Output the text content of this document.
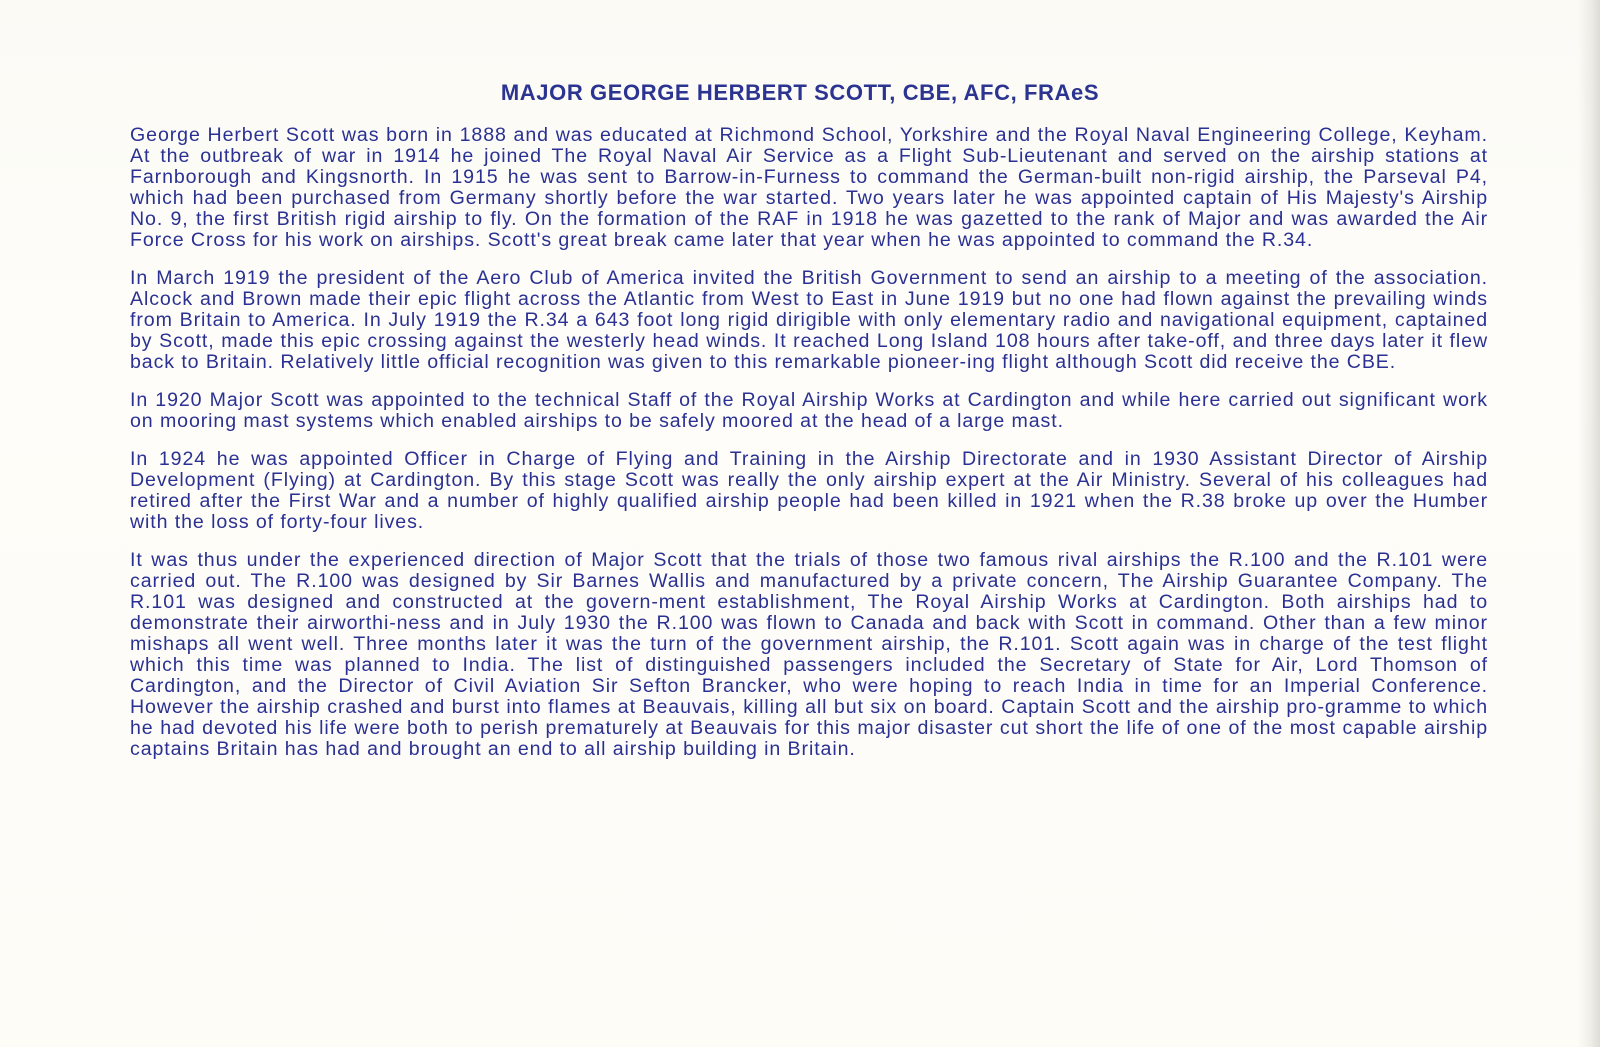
MAJOR GEORGE HERBERT SCOTT, CBE, AFC, FRAeS

George Herbert Scott was born in 1888 and was educated at Richmond School, Yorkshire and the Royal Naval Engineering College, Keyham. At the outbreak of war in 1914 he joined The Royal Naval Air Service as a Flight Sub-Lieutenant and served on the airship stations at Farnborough and Kingsnorth. In 1915 he was sent to Barrow-in-Furness to command the German-built non-rigid airship, the Parseval P4, which had been purchased from Germany shortly before the war started. Two years later he was appointed captain of His Majesty's Airship No. 9, the first British rigid airship to fly. On the formation of the RAF in 1918 he was gazetted to the rank of Major and was awarded the Air Force Cross for his work on airships. Scott's great break came later that year when he was appointed to command the R.34.

In March 1919 the president of the Aero Club of America invited the British Government to send an airship to a meeting of the association. Alcock and Brown made their epic flight across the Atlantic from West to East in June 1919 but no one had flown against the prevailing winds from Britain to America. In July 1919 the R.34 a 643 foot long rigid dirigible with only elementary radio and navigational equipment, captained by Scott, made this epic crossing against the westerly head winds. It reached Long Island 108 hours after take-off, and three days later it flew back to Britain. Relatively little official recognition was given to this remarkable pioneer-ing flight although Scott did receive the CBE.

In 1920 Major Scott was appointed to the technical Staff of the Royal Airship Works at Cardington and while here carried out significant work on mooring mast systems which enabled airships to be safely moored at the head of a large mast.

In 1924 he was appointed Officer in Charge of Flying and Training in the Airship Directorate and in 1930 Assistant Director of Airship Development (Flying) at Cardington. By this stage Scott was really the only airship expert at the Air Ministry. Several of his colleagues had retired after the First War and a number of highly qualified airship people had been killed in 1921 when the R.38 broke up over the Humber with the loss of forty-four lives.

It was thus under the experienced direction of Major Scott that the trials of those two famous rival airships the R.100 and the R.101 were carried out. The R.100 was designed by Sir Barnes Wallis and manufactured by a private concern, The Airship Guarantee Company. The R.101 was designed and constructed at the govern-ment establishment, The Royal Airship Works at Cardington. Both airships had to demonstrate their airworthi-ness and in July 1930 the R.100 was flown to Canada and back with Scott in command. Other than a few minor mishaps all went well. Three months later it was the turn of the government airship, the R.101. Scott again was in charge of the test flight which this time was planned to India. The list of distinguished passengers included the Secretary of State for Air, Lord Thomson of Cardington, and the Director of Civil Aviation Sir Sefton Brancker, who were hoping to reach India in time for an Imperial Conference. However the airship crashed and burst into flames at Beauvais, killing all but six on board. Captain Scott and the airship pro-gramme to which he had devoted his life were both to perish prematurely at Beauvais for this major disaster cut short the life of one of the most capable airship captains Britain has had and brought an end to all airship building in Britain.
